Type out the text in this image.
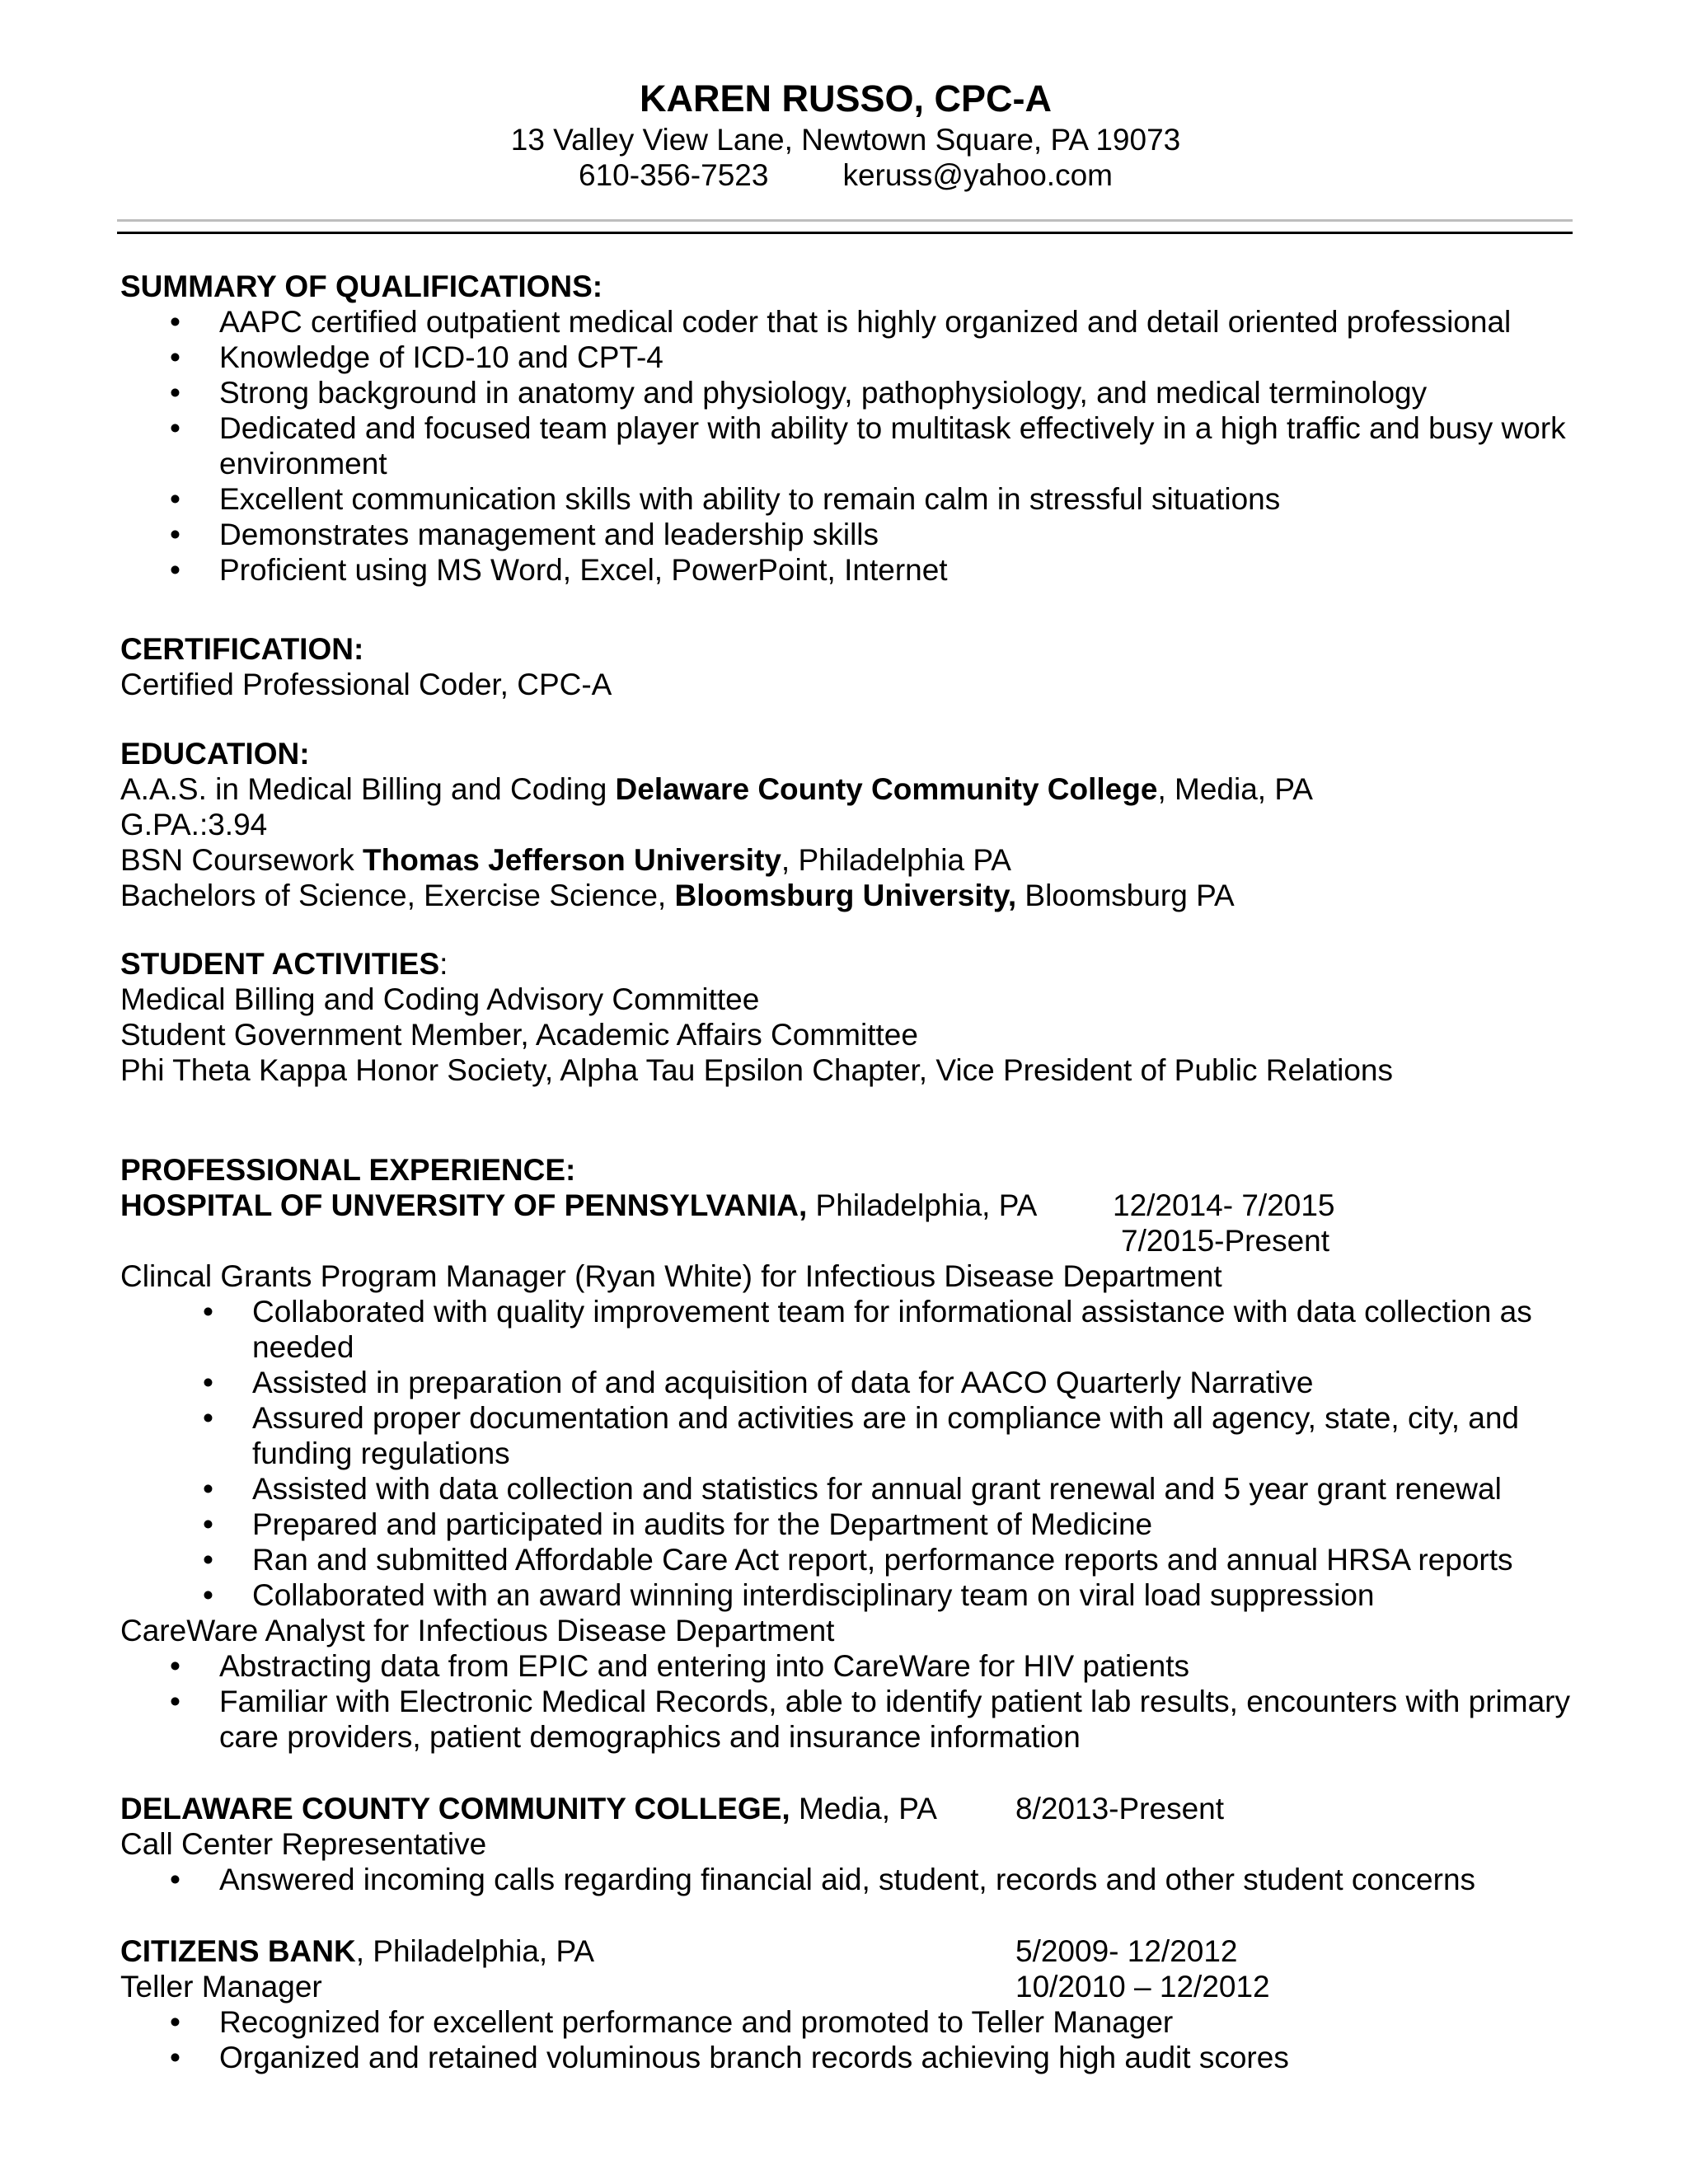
KAREN RUSSO, CPC-A
13 Valley View Lane, Newtown Square, PA 19073
610-356-7523 keruss@yahoo.com
SUMMARY OF QUALIFICATIONS:
• AAPC certified outpatient medical coder that is highly organized and detail oriented professional
• Knowledge of ICD-10 and CPT-4
• Strong background in anatomy and physiology, pathophysiology, and medical terminology
• Dedicated and focused team player with ability to multitask effectively in a high traffic and busy work environment
• Excellent communication skills with ability to remain calm in stressful situations
• Demonstrates management and leadership skills
• Proficient using MS Word, Excel, PowerPoint, Internet
CERTIFICATION:
Certified Professional Coder, CPC-A
EDUCATION:
A.A.S. in Medical Billing and Coding Delaware County Community College, Media, PA
G.PA.:3.94
BSN Coursework Thomas Jefferson University, Philadelphia PA
Bachelors of Science, Exercise Science, Bloomsburg University, Bloomsburg PA
STUDENT ACTIVITIES:
Medical Billing and Coding Advisory Committee
Student Government Member, Academic Affairs Committee
Phi Theta Kappa Honor Society, Alpha Tau Epsilon Chapter, Vice President of Public Relations
PROFESSIONAL EXPERIENCE:
HOSPITAL OF UNVERSITY OF PENNSYLVANIA, Philadelphia, PA 12/2014- 7/2015
7/2015-Present
Clincal Grants Program Manager (Ryan White) for Infectious Disease Department
• Collaborated with quality improvement team for informational assistance with data collection as needed
• Assisted in preparation of and acquisition of data for AACO Quarterly Narrative
• Assured proper documentation and activities are in compliance with all agency, state, city, and funding regulations
• Assisted with data collection and statistics for annual grant renewal and 5 year grant renewal
• Prepared and participated in audits for the Department of Medicine
• Ran and submitted Affordable Care Act report, performance reports and annual HRSA reports
• Collaborated with an award winning interdisciplinary team on viral load suppression
CareWare Analyst for Infectious Disease Department
• Abstracting data from EPIC and entering into CareWare for HIV patients
• Familiar with Electronic Medical Records, able to identify patient lab results, encounters with primary care providers, patient demographics and insurance information
DELAWARE COUNTY COMMUNITY COLLEGE, Media, PA	8/2013-Present
Call Center Representative
• Answered incoming calls regarding financial aid, student, records and other student concerns
CITIZENS BANK, Philadelphia, PA	5/2009- 12/2012
Teller Manager	10/2010 – 12/2012
• Recognized for excellent performance and promoted to Teller Manager
• Organized and retained voluminous branch records achieving high audit scores
